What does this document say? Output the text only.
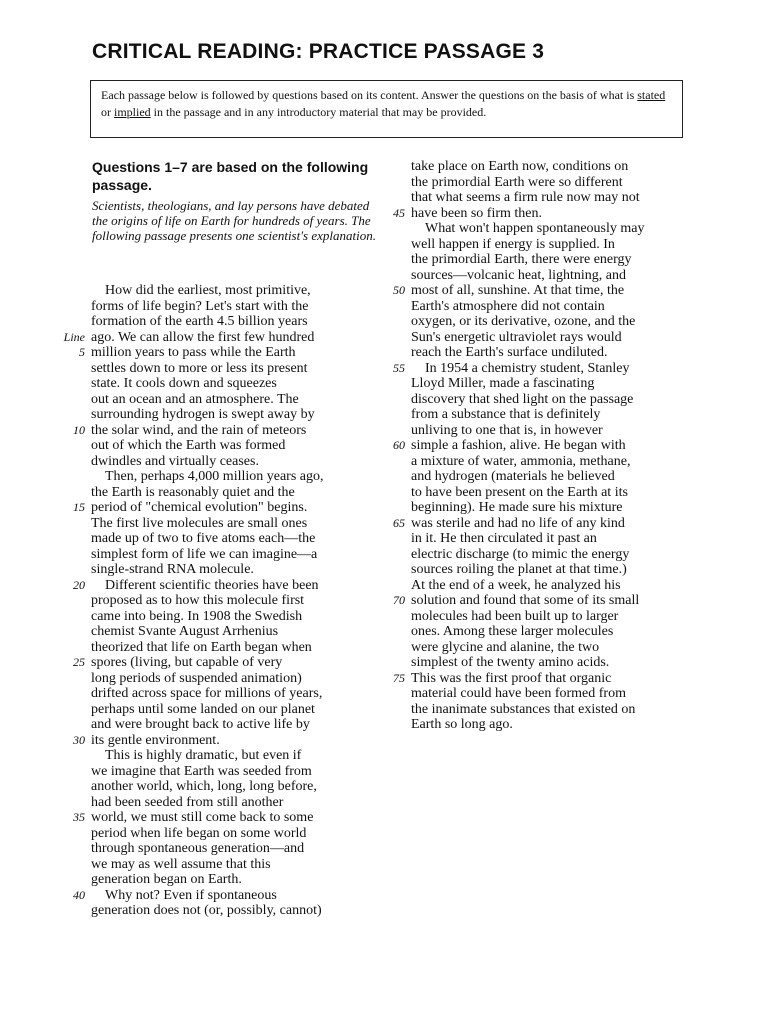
CRITICAL READING: PRACTICE PASSAGE 3
Each passage below is followed by questions based on its content. Answer the questions on the basis of what is stated or implied in the passage and in any introductory material that may be provided.
Questions 1–7 are based on the following passage.
Scientists, theologians, and lay persons have debated the origins of life on Earth for hundreds of years. The following passage presents one scientist's explanation.
How did the earliest, most primitive,
forms of life begin? Let's start with the
formation of the earth 4.5 billion years
ago. We can allow the first few hundred
million years to pass while the Earth
5
settles down to more or less its present
state. It cools down and squeezes
out an ocean and an atmosphere. The
surrounding hydrogen is swept away by
the solar wind, and the rain of meteors
10
out of which the Earth was formed
dwindles and virtually ceases.
Then, perhaps 4,000 million years ago,
the Earth is reasonably quiet and the
period of "chemical evolution" begins.
15
The first live molecules are small ones
made up of two to five atoms each—the
simplest form of life we can imagine—a
single-strand RNA molecule.
Different scientific theories have been
20
proposed as to how this molecule first
came into being. In 1908 the Swedish
chemist Svante August Arrhenius
theorized that life on Earth began when
spores (living, but capable of very
25
long periods of suspended animation)
drifted across space for millions of years,
perhaps until some landed on our planet
and were brought back to active life by
its gentle environment.
30
This is highly dramatic, but even if
we imagine that Earth was seeded from
another world, which, long, long before,
had been seeded from still another
world, we must still come back to some
35
period when life began on some world
through spontaneous generation—and
we may as well assume that this
generation began on Earth.
Why not? Even if spontaneous
40
generation does not (or, possibly, cannot)
Line
take place on Earth now, conditions on
the primordial Earth were so different
that what seems a firm rule now may not
have been so firm then.
45
What won't happen spontaneously may
well happen if energy is supplied. In
the primordial Earth, there were energy
sources—volcanic heat, lightning, and
most of all, sunshine. At that time, the
50
Earth's atmosphere did not contain
oxygen, or its derivative, ozone, and the
Sun's energetic ultraviolet rays would
reach the Earth's surface undiluted.
In 1954 a chemistry student, Stanley
55
Lloyd Miller, made a fascinating
discovery that shed light on the passage
from a substance that is definitely
unliving to one that is, in however
simple a fashion, alive. He began with
60
a mixture of water, ammonia, methane,
and hydrogen (materials he believed
to have been present on the Earth at its
beginning). He made sure his mixture
was sterile and had no life of any kind
65
in it. He then circulated it past an
electric discharge (to mimic the energy
sources roiling the planet at that time.)
At the end of a week, he analyzed his
solution and found that some of its small
70
molecules had been built up to larger
ones. Among these larger molecules
were glycine and alanine, the two
simplest of the twenty amino acids.
This was the first proof that organic
75
material could have been formed from
the inanimate substances that existed on
Earth so long ago.
